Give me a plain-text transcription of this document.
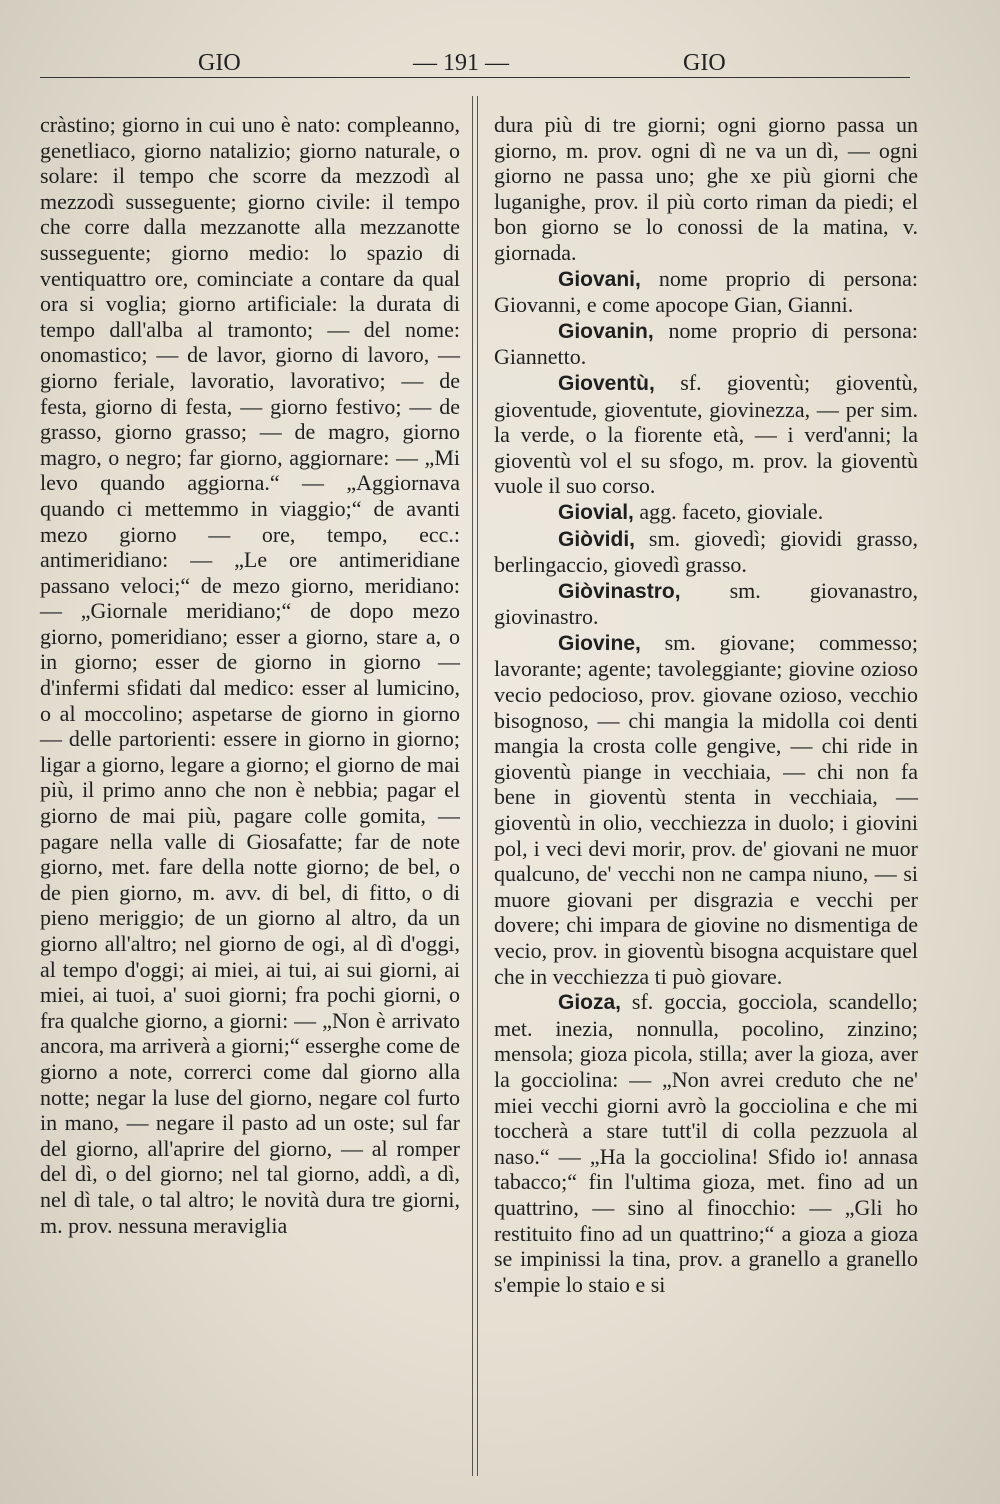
GIO	— 191 —	GIO

cràstino; giorno in cui uno è nato: compleanno, genetliaco, giorno natalizio; giorno naturale, o solare: il tempo che scorre da mezzodì al mezzodì susseguente; giorno civile: il tempo che corre dalla mezzanotte alla mezzanotte susseguente; giorno medio: lo spazio di ventiquattro ore, cominciate a contare da qual ora si voglia; giorno artificiale: la durata di tempo dall'alba al tramonto; — del nome: onomastico; — de lavor, giorno di lavoro, — giorno feriale, lavoratio, lavorativo; — de festa, giorno di festa, — giorno festivo; — de grasso, giorno grasso; — de magro, giorno magro, o negro; far giorno, aggiornare: — „Mi levo quando aggiorna.“ — „Aggiornava quando ci mettemmo in viaggio;“ de avanti mezo giorno — ore, tempo, ecc.: antimeridiano: — „Le ore antimeridiane passano veloci;“ de mezo giorno, meridiano: — „Giornale meridiano;“ de dopo mezo giorno, pomeridiano; esser a giorno, stare a, o in giorno; esser de giorno in giorno — d'infermi sfidati dal medico: esser al lumicino, o al moccolino; aspetarse de giorno in giorno — delle partorienti: essere in giorno in giorno; ligar a giorno, legare a giorno; el giorno de mai più, il primo anno che non è nebbia; pagar el giorno de mai più, pagare colle gomita, — pagare nella valle di Giosafatte; far de note giorno, met. fare della notte giorno; de bel, o de pien giorno, m. avv. di bel, di fitto, o di pieno meriggio; de un giorno al altro, da un giorno all'altro; nel giorno de ogi, al dì d'oggi, al tempo d'oggi; ai miei, ai tui, ai sui giorni, ai miei, ai tuoi, a' suoi giorni; fra pochi giorni, o fra qualche giorno, a giorni: — „Non è arrivato ancora, ma arriverà a giorni;“ esserghe come de giorno a note, correrci come dal giorno alla notte; negar la luse del giorno, negare col furto in mano, — negare il pasto ad un oste; sul far del giorno, all'aprire del giorno, — al romper del dì, o del giorno; nel tal giorno, addì, a dì, nel dì tale, o tal altro; le novità dura tre giorni, m. prov. nessuna meraviglia

dura più di tre giorni; ogni giorno passa un giorno, m. prov. ogni dì ne va un dì, — ogni giorno ne passa uno; ghe xe più giorni che luganighe, prov. il più corto riman da piedi; el bon giorno se lo conossi de la matina, v. giornada.

Giovani, nome proprio di persona: Giovanni, e come apocope Gian, Gianni.

Giovanin, nome proprio di persona: Giannetto.

Gioventù, sf. gioventù; gioventù, gioventude, gioventute, giovinezza, — per sim. la verde, o la fiorente età, — i verd'anni; la gioventù vol el su sfogo, m. prov. la gioventù vuole il suo corso.

Giovial, agg. faceto, gioviale.

Giòvidi, sm. giovedì; giovidi grasso, berlingaccio, giovedì grasso.

Giòvinastro, sm. giovanastro, giovinastro.

Giovine, sm. giovane; commesso; lavorante; agente; tavoleggiante; giovine ozioso vecio pedocioso, prov. giovane ozioso, vecchio bisognoso, — chi mangia la midolla coi denti mangia la crosta colle gengive, — chi ride in gioventù piange in vecchiaia, — chi non fa bene in gioventù stenta in vecchiaia, — gioventù in olio, vecchiezza in duolo; i giovini pol, i veci devi morir, prov. de' giovani ne muor qualcuno, de' vecchi non ne campa niuno, — si muore giovani per disgrazia e vecchi per dovere; chi impara de giovine no dismentiga de vecio, prov. in gioventù bisogna acquistare quel che in vecchiezza ti può giovare.

Gioza, sf. goccia, gocciola, scandello; met. inezia, nonnulla, pocolino, zinzino; mensola; gioza picola, stilla; aver la gioza, aver la gocciolina: — „Non avrei creduto che ne' miei vecchi giorni avrò la gocciolina e che mi toccherà a stare tutt'il di colla pezzuola al naso.“ — „Ha la gocciolina! Sfido io! annasa tabacco;“ fin l'ultima gioza, met. fino ad un quattrino, — sino al finocchio: — „Gli ho restituito fino ad un quattrino;“ a gioza a gioza se impinissi la tina, prov. a granello a granello s'empie lo staio e si
